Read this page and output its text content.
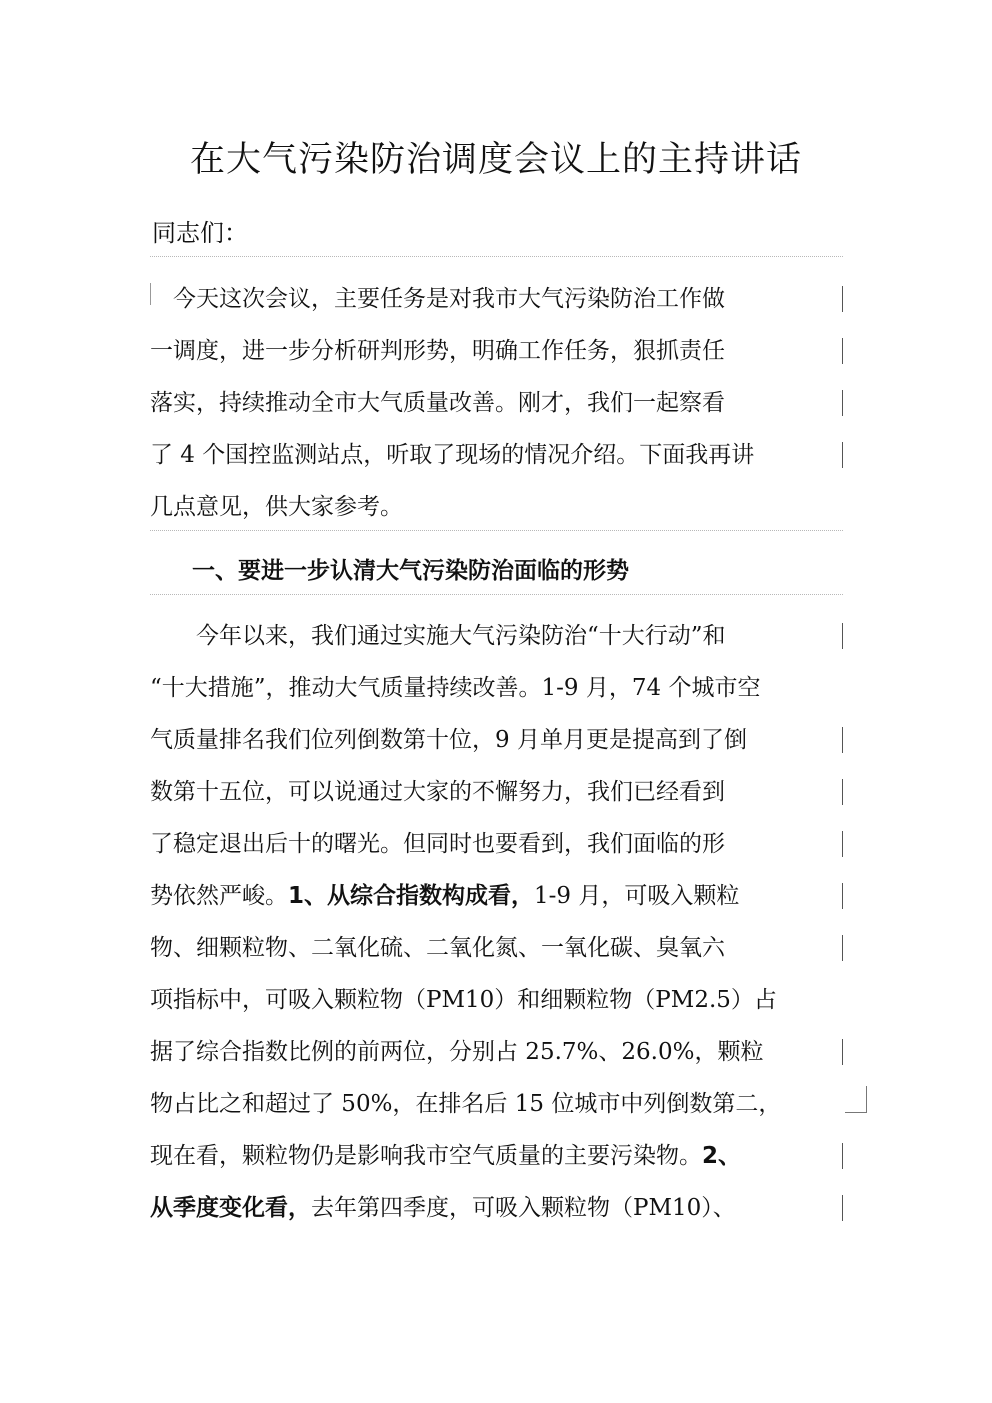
在大气污染防治调度会议上的主持讲话
同志们：
　今天这次会议，主要任务是对我市大气污染防治工作做
一调度，进一步分析研判形势，明确工作任务，狠抓责任
落实，持续推动全市大气质量改善。刚才，我们一起察看
了 4 个国控监测站点，听取了现场的情况介绍。下面我再讲
几点意见，供大家参考。
一、要进一步认清大气污染防治面临的形势
　　今年以来，我们通过实施大气污染防治“十大行动”和
“十大措施”，推动大气质量持续改善。1-9 月，74 个城市空
气质量排名我们位列倒数第十位，9 月单月更是提高到了倒
数第十五位，可以说通过大家的不懈努力，我们已经看到
了稳定退出后十的曙光。但同时也要看到，我们面临的形
势依然严峻。1、从综合指数构成看，1-9 月，可吸入颗粒
物、细颗粒物、二氧化硫、二氧化氮、一氧化碳、臭氧六
项指标中，可吸入颗粒物（PM10）和细颗粒物（PM2.5）占
据了综合指数比例的前两位，分别占 25.7%、26.0%，颗粒
物占比之和超过了 50%，在排名后 15 位城市中列倒数第二，
现在看，颗粒物仍是影响我市空气质量的主要污染物。2、
从季度变化看，去年第四季度，可吸入颗粒物（PM10）、
